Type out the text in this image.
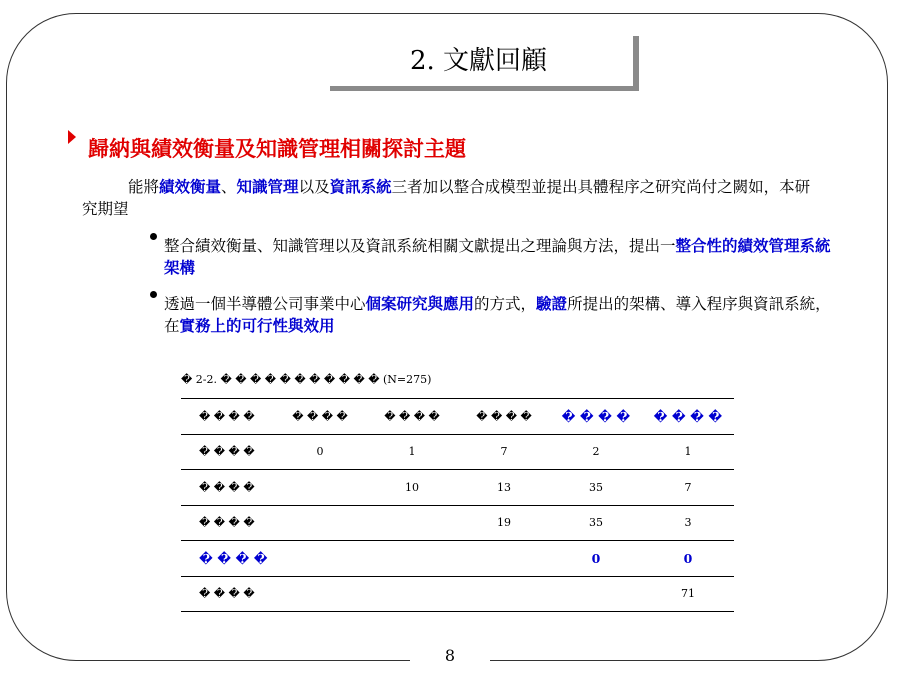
8
2. 文獻回顧
歸納與績效衡量及知識管理相關探討主題
能將績效衡量、知識管理以及資訊系統三者加以整合成模型並提出具體程序之研究尚付之闕如，本研究期望
整合績效衡量、知識管理以及資訊系統相關文獻提出之理論與方法，提出一整合性的績效管理系統架構
透過一個半導體公司事業中心個案研究與應用的方式，驗證所提出的架構、導入程序與資訊系統，在實務上的可行性與效用
� 2-2. � � � � � � � � � � � (N=275)
� � � �	� � � �	� � � �	� � � �	� � � �	� � � �
� � � �	0	1	7	2	1
� � � �		10	13	35	7
� � � �			19	35	3
� � � �				0	0
� � � �					71
